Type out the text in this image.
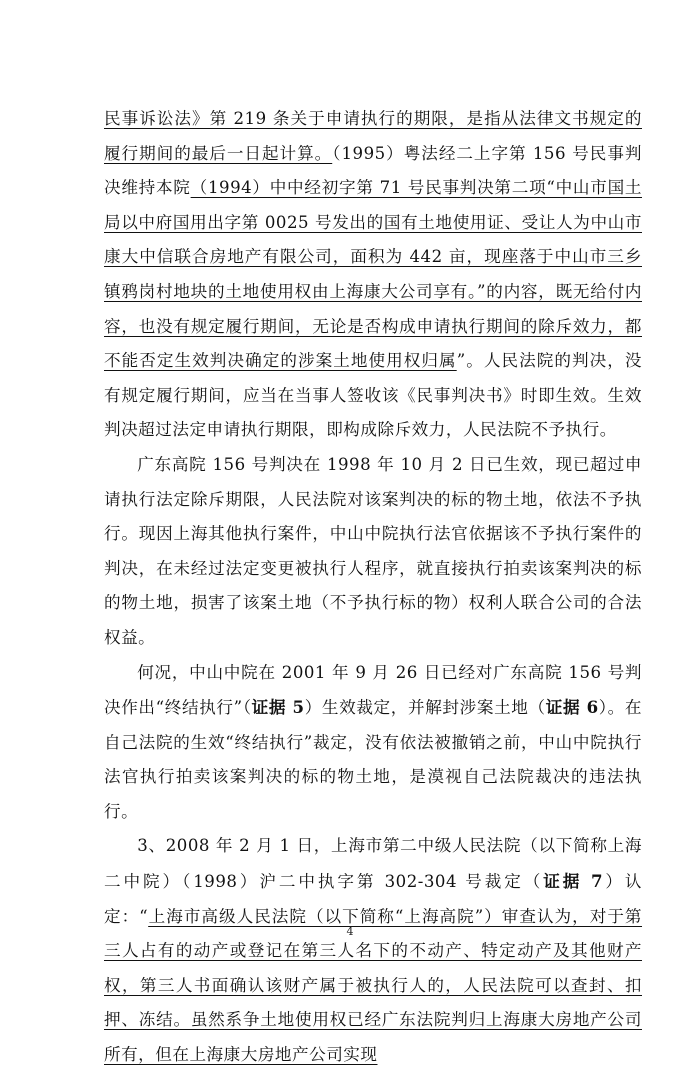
民事诉讼法》第 219 条关于申请执行的期限，是指从法律文书规定的履行期间的最后一日起计算。（1995）粤法经二上字第 156 号民事判决维持本院（1994）中中经初字第 71 号民事判决第二项“中山市国土局以中府国用出字第 0025 号发出的国有土地使用证、受让人为中山市康大中信联合房地产有限公司，面积为 442 亩，现座落于中山市三乡镇鸦岗村地块的土地使用权由上海康大公司享有。”的内容，既无给付内容，也没有规定履行期间，无论是否构成申请执行期间的除斥效力，都不能否定生效判决确定的涉案土地使用权归属”。人民法院的判决，没有规定履行期间，应当在当事人签收该《民事判决书》时即生效。生效判决超过法定申请执行期限，即构成除斥效力，人民法院不予执行。

广东高院 156 号判决在 1998 年 10 月 2 日已生效，现已超过申请执行法定除斥期限，人民法院对该案判决的标的物土地，依法不予执行。现因上海其他执行案件，中山中院执行法官依据该不予执行案件的判决，在未经过法定变更被执行人程序，就直接执行拍卖该案判决的标的物土地，损害了该案土地（不予执行标的物）权利人联合公司的合法权益。

何况，中山中院在 2001 年 9 月 26 日已经对广东高院 156 号判决作出“终结执行”（证据 5）生效裁定，并解封涉案土地（证据 6）。在自己法院的生效“终结执行”裁定，没有依法被撤销之前，中山中院执行法官执行拍卖该案判决的标的物土地，是漠视自己法院裁决的违法执行。

3、2008 年 2 月 1 日，上海市第二中级人民法院（以下简称上海二中院）（1998）沪二中执字第 302-304 号裁定（证据 7）认定：“上海市高级人民法院（以下简称“上海高院”）审查认为，对于第三人占有的动产或登记在第三人名下的不动产、特定动产及其他财产权，第三人书面确认该财产属于被执行人的，人民法院可以查封、扣押、冻结。虽然系争土地使用权已经广东法院判归上海康大房地产公司所有，但在上海康大房地产公司实现

4
